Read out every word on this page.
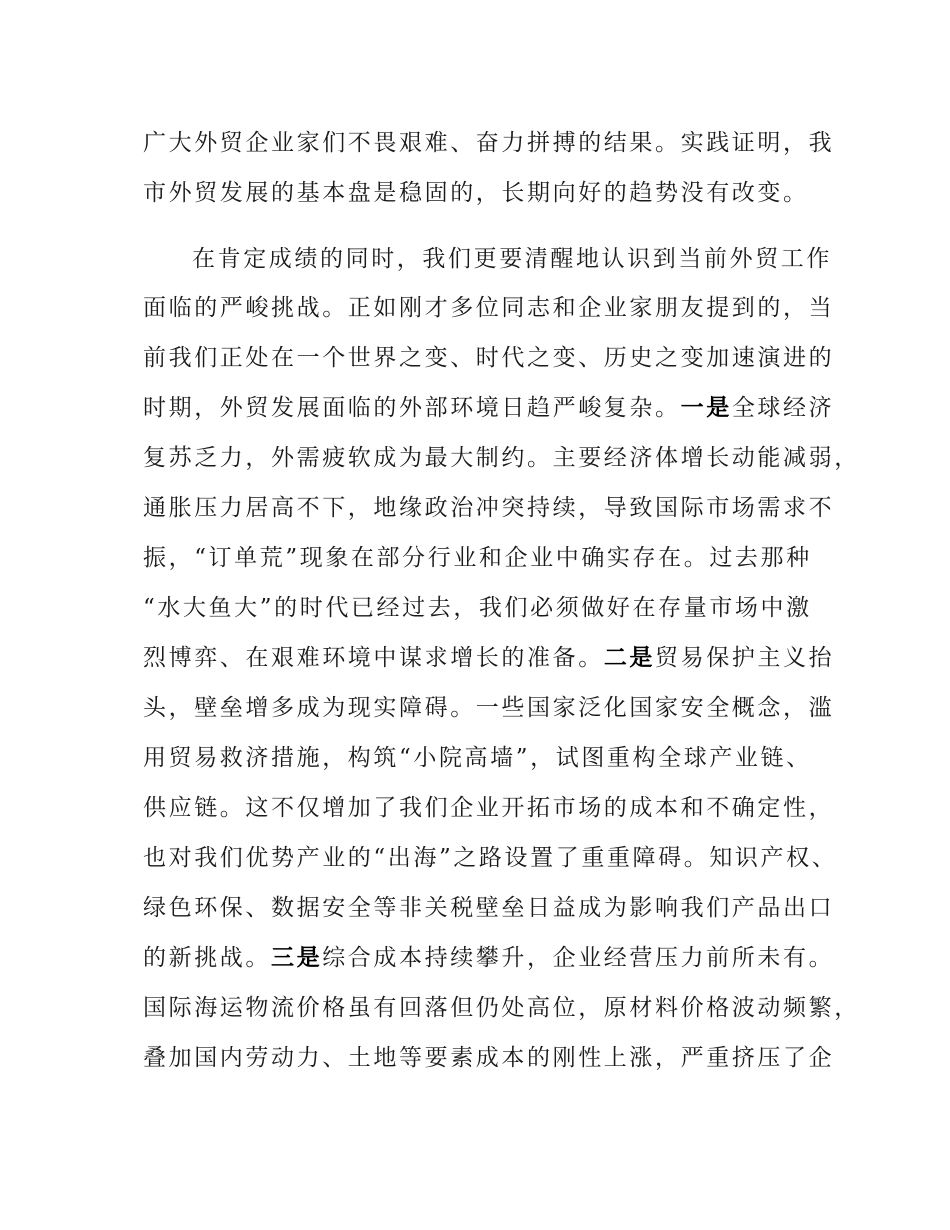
广大外贸企业家们不畏艰难、奋力拼搏的结果。实践证明，我
市外贸发展的基本盘是稳固的，长期向好的趋势没有改变。
在肯定成绩的同时，我们更要清醒地认识到当前外贸工作
面临的严峻挑战。正如刚才多位同志和企业家朋友提到的，当
前我们正处在一个世界之变、时代之变、历史之变加速演进的
时期，外贸发展面临的外部环境日趋严峻复杂。一是全球经济
复苏乏力，外需疲软成为最大制约。主要经济体增长动能减弱，
通胀压力居高不下，地缘政治冲突持续，导致国际市场需求不
振，“订单荒”现象在部分行业和企业中确实存在。过去那种
“水大鱼大”的时代已经过去，我们必须做好在存量市场中激
烈博弈、在艰难环境中谋求增长的准备。二是贸易保护主义抬
头，壁垒增多成为现实障碍。一些国家泛化国家安全概念，滥
用贸易救济措施，构筑“小院高墙”，试图重构全球产业链、
供应链。这不仅增加了我们企业开拓市场的成本和不确定性，
也对我们优势产业的“出海”之路设置了重重障碍。知识产权、
绿色环保、数据安全等非关税壁垒日益成为影响我们产品出口
的新挑战。三是综合成本持续攀升，企业经营压力前所未有。
国际海运物流价格虽有回落但仍处高位，原材料价格波动频繁，
叠加国内劳动力、土地等要素成本的刚性上涨，严重挤压了企
